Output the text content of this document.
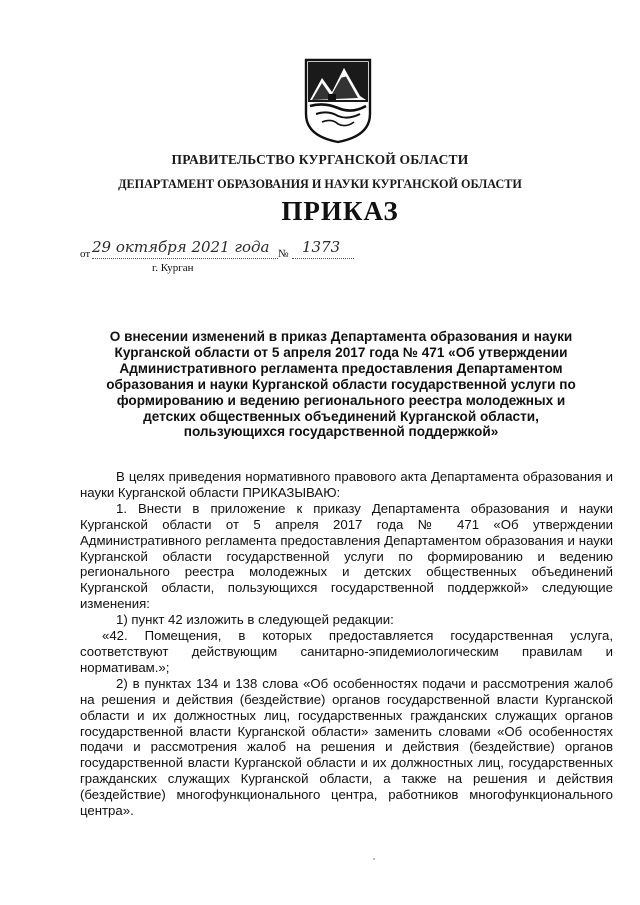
ПРАВИТЕЛЬСТВО КУРГАНСКОЙ ОБЛАСТИ
ДЕПАРТАМЕНТ ОБРАЗОВАНИЯ И НАУКИ КУРГАНСКОЙ ОБЛАСТИ
ПРИКАЗ
от 29 октября 2021 года № 1373
г. Курган
О внесении изменений в приказ Департамента образования и науки Курганской области от 5 апреля 2017 года № 471 «Об утверждении Административного регламента предоставления Департаментом образования и науки Курганской области государственной услуги по формированию и ведению регионального реестра молодежных и детских общественных объединений Курганской области, пользующихся государственной поддержкой»

В целях приведения нормативного правового акта Департамента образования и науки Курганской области ПРИКАЗЫВАЮ:

1. Внести в приложение к приказу Департамента образования и науки Курганской области от 5 апреля 2017 года № 471 «Об утверждении Административного регламента предоставления Департаментом образования и науки Курганской области государственной услуги по формированию и ведению регионального реестра молодежных и детских общественных объединений Курганской области, пользующихся государственной поддержкой» следующие изменения:

1) пункт 42 изложить в следующей редакции:

«42. Помещения, в которых предоставляется государственная услуга, соответствуют действующим санитарно-эпидемиологическим правилам и нормативам.»;

2) в пунктах 134 и 138 слова «Об особенностях подачи и рассмотрения жалоб на решения и действия (бездействие) органов государственной власти Курганской области и их должностных лиц, государственных гражданских служащих органов государственной власти Курганской области» заменить словами «Об особенностях подачи и рассмотрения жалоб на решения и действия (бездействие) органов государственной власти Курганской области и их должностных лиц, государственных гражданских служащих Курганской области, а также на решения и действия (бездействие) многофункционального центра, работников многофункционального центра».
